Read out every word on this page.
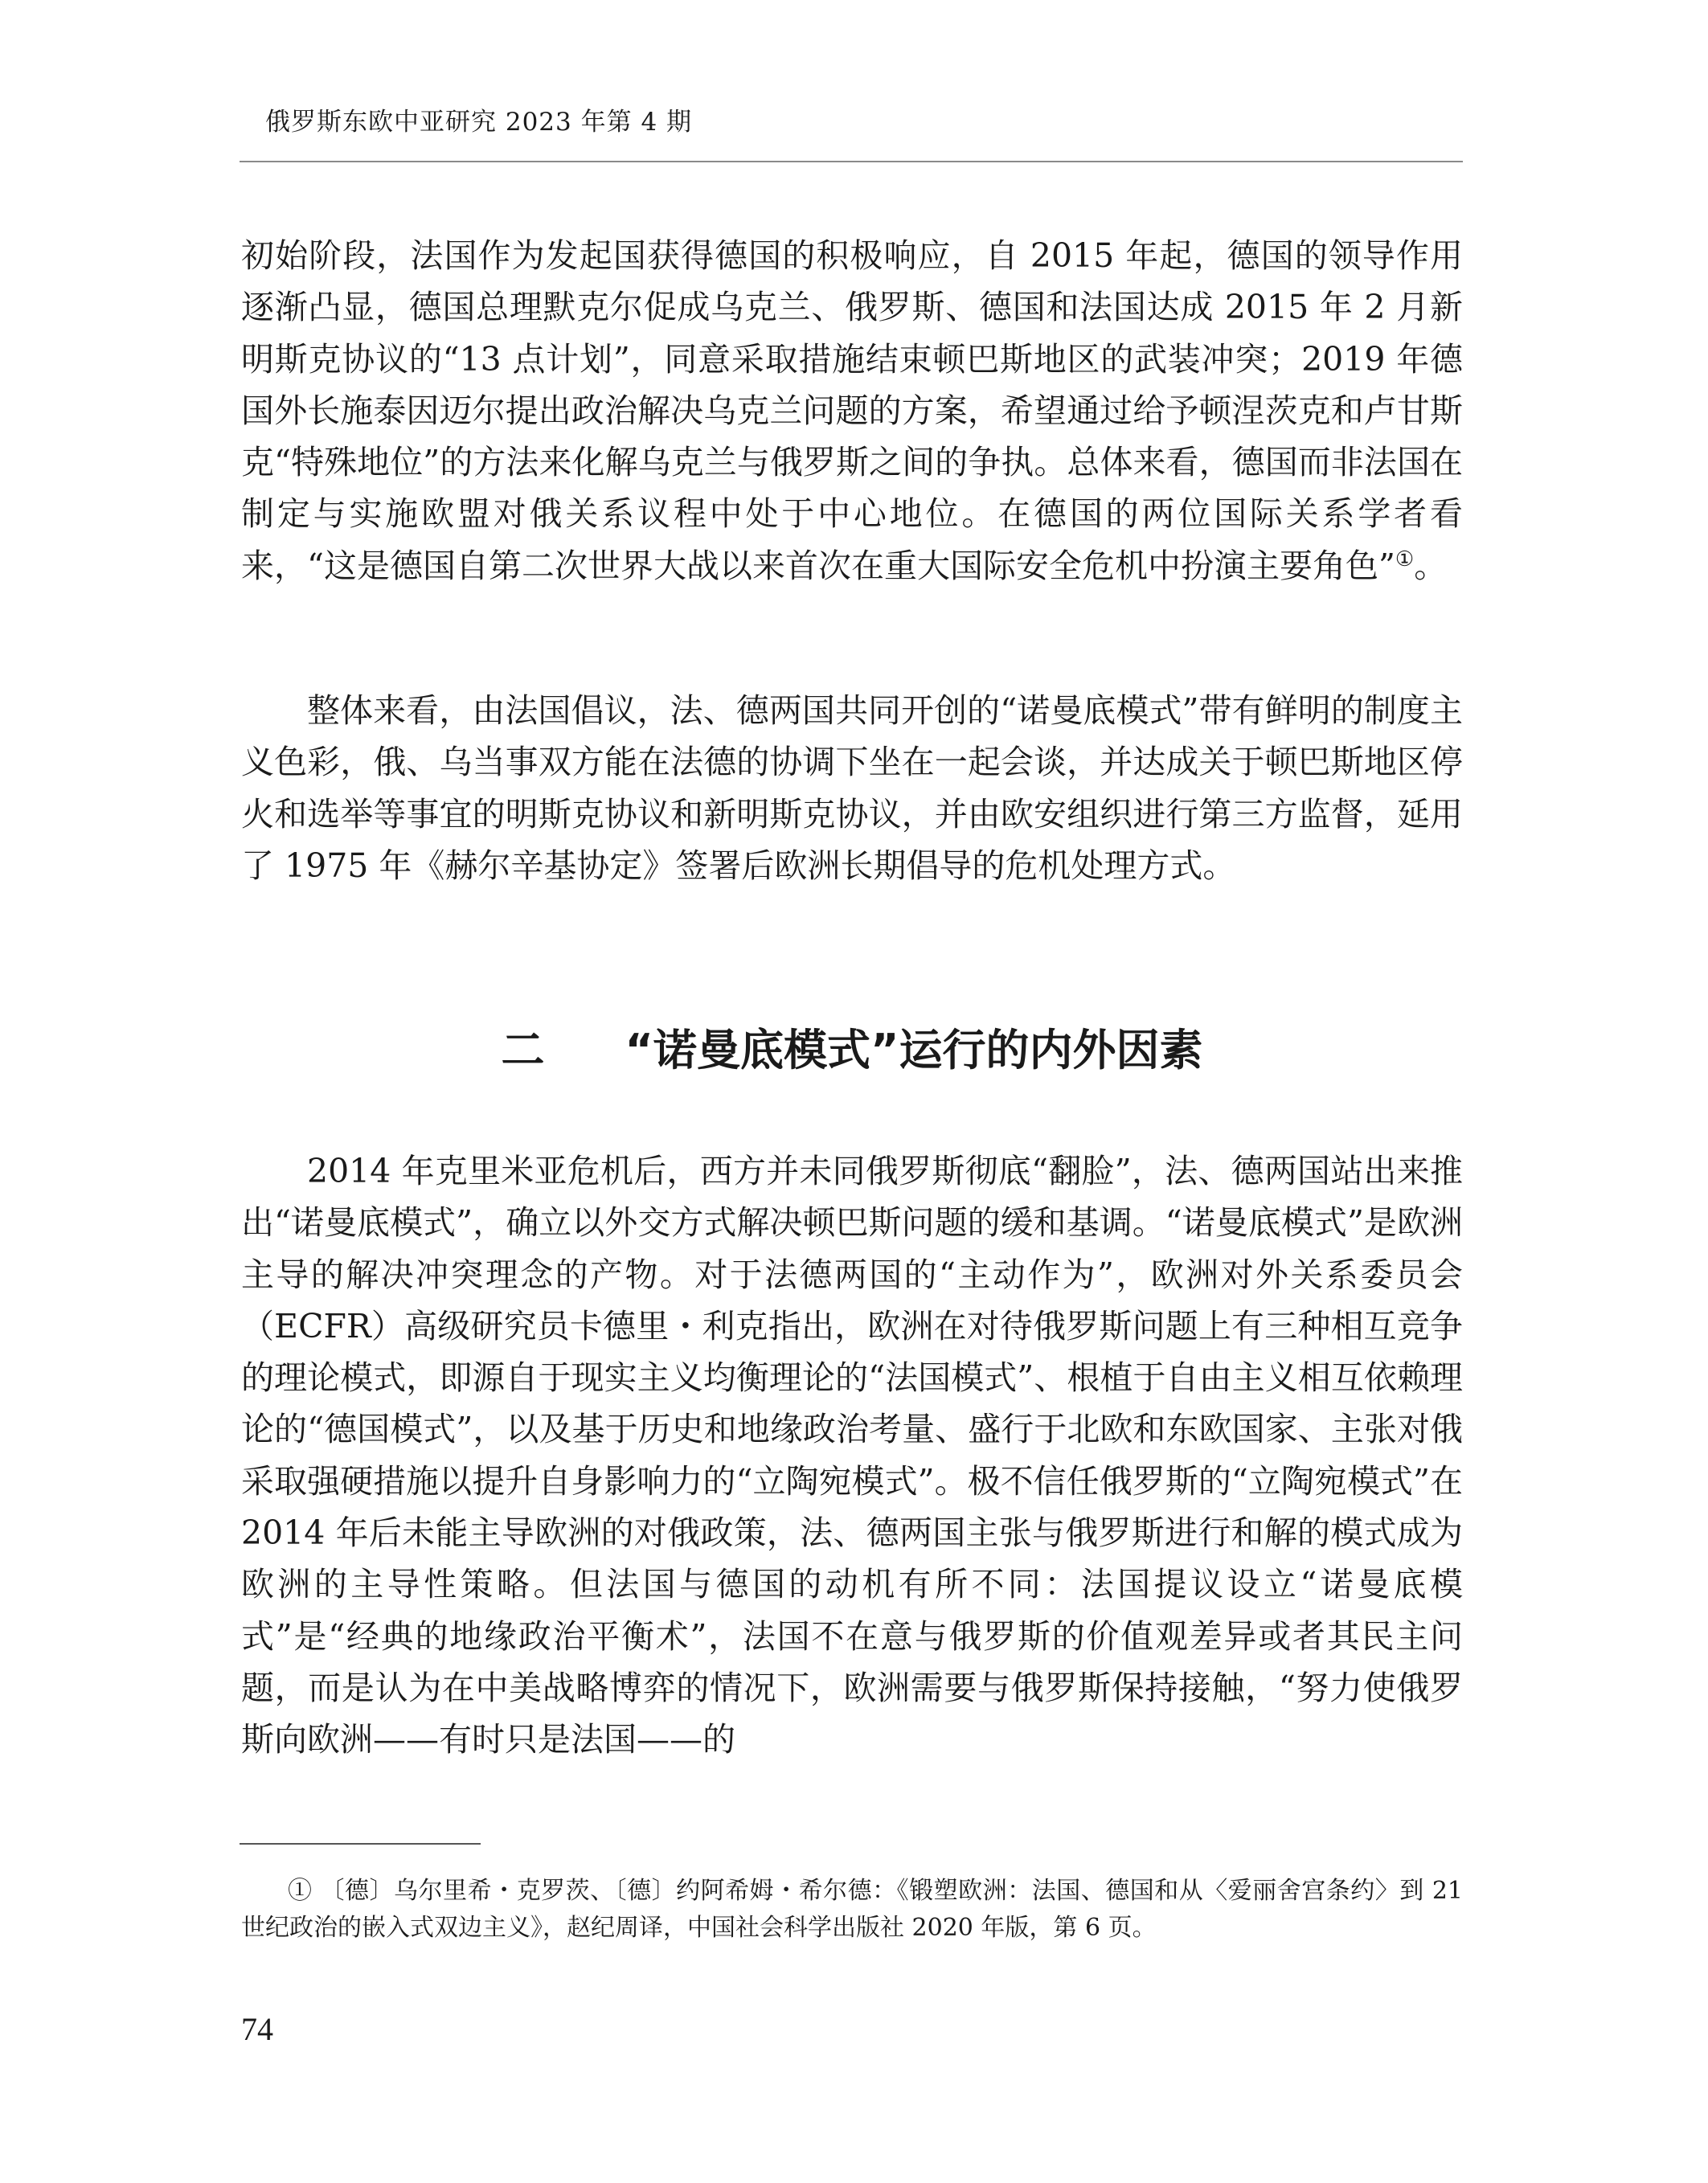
俄罗斯东欧中亚研究 2023 年第 4 期

初始阶段，法国作为发起国获得德国的积极响应，自 2015 年起，德国的领导作用逐渐凸显，德国总理默克尔促成乌克兰、俄罗斯、德国和法国达成 2015 年 2 月新明斯克协议的“13 点计划”，同意采取措施结束顿巴斯地区的武装冲突；2019 年德国外长施泰因迈尔提出政治解决乌克兰问题的方案，希望通过给予顿涅茨克和卢甘斯克“特殊地位”的方法来化解乌克兰与俄罗斯之间的争执。总体来看，德国而非法国在制定与实施欧盟对俄关系议程中处于中心地位。在德国的两位国际关系学者看来，“这是德国自第二次世界大战以来首次在重大国际安全危机中扮演主要角色”①。

整体来看，由法国倡议，法、德两国共同开创的“诺曼底模式”带有鲜明的制度主义色彩，俄、乌当事双方能在法德的协调下坐在一起会谈，并达成关于顿巴斯地区停火和选举等事宜的明斯克协议和新明斯克协议，并由欧安组织进行第三方监督，延用了 1975 年《赫尔辛基协定》签署后欧洲长期倡导的危机处理方式。

二 “诺曼底模式”运行的内外因素

2014 年克里米亚危机后，西方并未同俄罗斯彻底“翻脸”，法、德两国站出来推出“诺曼底模式”，确立以外交方式解决顿巴斯问题的缓和基调。“诺曼底模式”是欧洲主导的解决冲突理念的产物。对于法德两国的“主动作为”，欧洲对外关系委员会（ECFR）高级研究员卡德里・利克指出，欧洲在对待俄罗斯问题上有三种相互竞争的理论模式，即源自于现实主义均衡理论的“法国模式”、根植于自由主义相互依赖理论的“德国模式”，以及基于历史和地缘政治考量、盛行于北欧和东欧国家、主张对俄采取强硬措施以提升自身影响力的“立陶宛模式”。极不信任俄罗斯的“立陶宛模式”在 2014 年后未能主导欧洲的对俄政策，法、德两国主张与俄罗斯进行和解的模式成为欧洲的主导性策略。但法国与德国的动机有所不同：法国提议设立“诺曼底模式”是“经典的地缘政治平衡术”，法国不在意与俄罗斯的价值观差异或者其民主问题，而是认为在中美战略博弈的情况下，欧洲需要与俄罗斯保持接触，“努力使俄罗斯向欧洲——有时只是法国——的

① 〔德〕乌尔里希・克罗茨、〔德〕约阿希姆・希尔德：《锻塑欧洲：法国、德国和从〈爱丽舍宫条约〉到 21 世纪政治的嵌入式双边主义》，赵纪周译，中国社会科学出版社 2020 年版，第 6 页。
74
